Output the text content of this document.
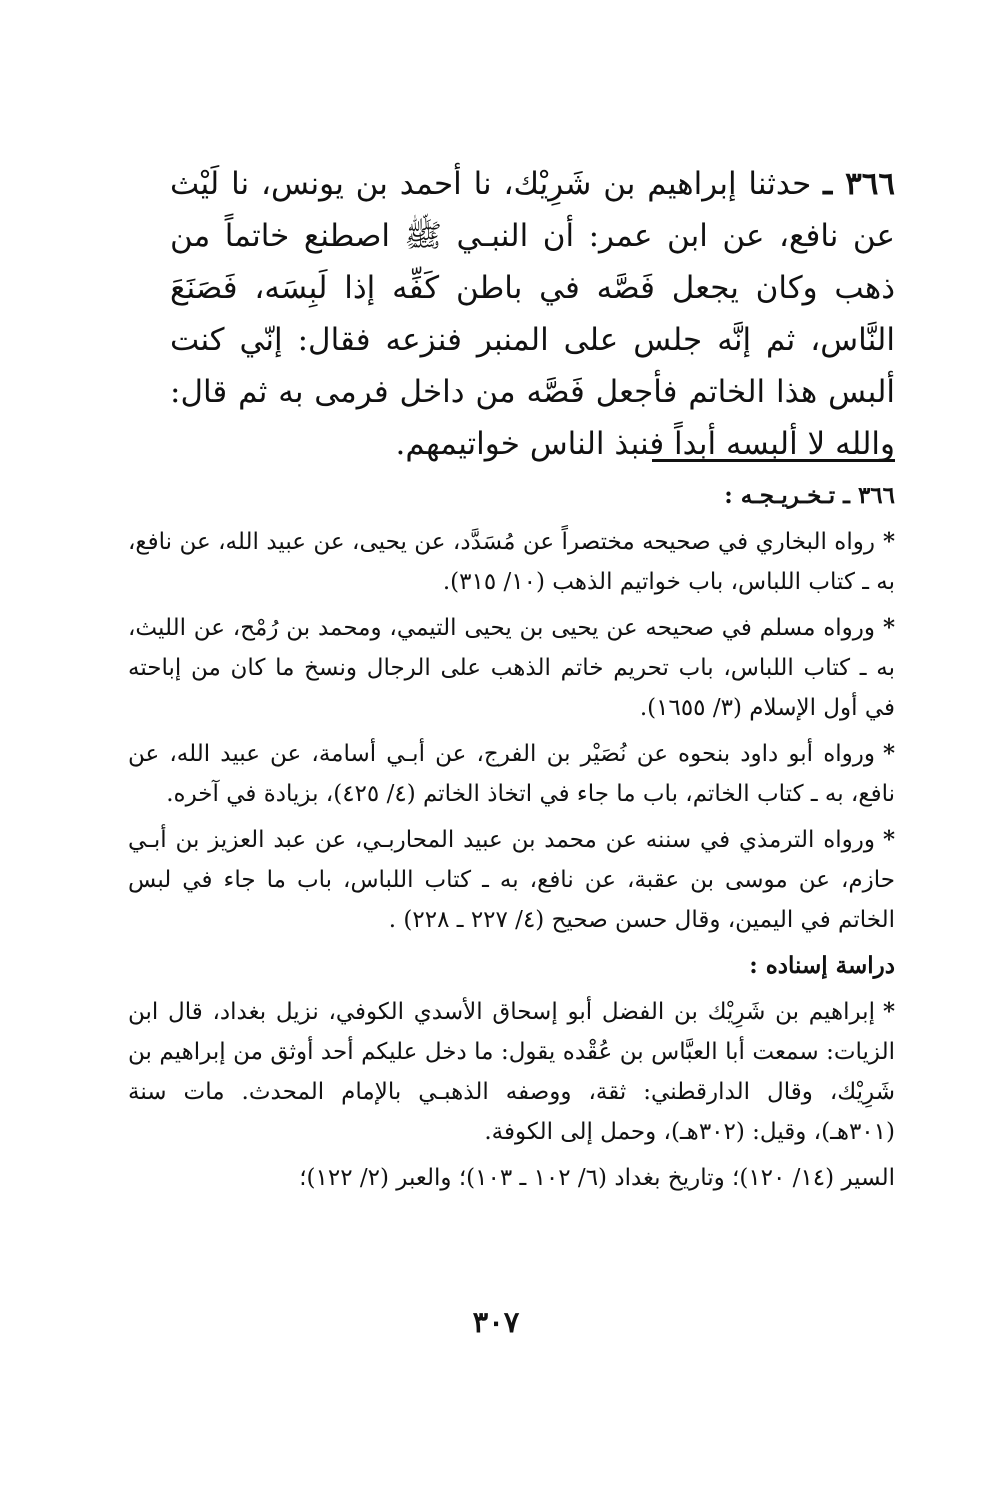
٣٦٦ ـ حدثنا إبراهيم بن شَرِيْك، نا أحمد بن يونس، نا لَيْث عن نافع، عن ابن عمر: أن النبـي ﷺ اصطنع خاتماً من ذهب وكان يجعل فَصَّه في باطن كَفِّه إذا لَبِسَه، فَصَنَعَ النَّاس، ثم إنَّه جلس على المنبر فنزعه فقال: إنّي كنت ألبس هذا الخاتم فأجعل فَصَّه من داخل فرمى به ثم قال: والله لا ألبسه أبداً فنبذ الناس خواتيمهم.

٣٦٦ ـ تـخـريـجـه :

*رواه البخاري في صحيحه مختصراً عن مُسَدَّد، عن يحيى، عن عبيد الله، عن نافع، به ـ كتاب اللباس، باب خواتيم الذهب (١٠/ ٣١٥).

*ورواه مسلم في صحيحه عن يحيى بن يحيى التيمي، ومحمد بن رُمْح، عن الليث، به ـ كتاب اللباس، باب تحريم خاتم الذهب على الرجال ونسخ ما كان من إباحته في أول الإسلام (٣/ ١٦٥٥).

*ورواه أبو داود بنحوه عن نُصَيْر بن الفرج، عن أبـي أسامة، عن عبيد الله، عن نافع، به ـ كتاب الخاتم، باب ما جاء في اتخاذ الخاتم (٤/ ٤٢٥)، بزيادة في آخره.

*ورواه الترمذي في سننه عن محمد بن عبيد المحاربـي، عن عبد العزيز بن أبـي حازم، عن موسى بن عقبة، عن نافع، به ـ كتاب اللباس، باب ما جاء في لبس الخاتم في اليمين، وقال حسن صحيح (٤/ ٢٢٧ ـ ٢٢٨) .

دراسة إسناده :

*إبراهيم بن شَرِيْك بن الفضل أبو إسحاق الأسدي الكوفي، نزيل بغداد، قال ابن الزيات: سمعت أبا العبَّاس بن عُقْده يقول: ما دخل عليكم أحد أوثق من إبراهيم بن شَرِيْك، وقال الدارقطني: ثقة، ووصفه الذهبـي بالإمام المحدث. مات سنة (٣٠١هـ)، وقيل: (٣٠٢هـ)، وحمل إلى الكوفة.

السير (١٤/ ١٢٠)؛ وتاريخ بغداد (٦/ ١٠٢ ـ ١٠٣)؛ والعبر (٢/ ١٢٢)؛

٣٠٧
